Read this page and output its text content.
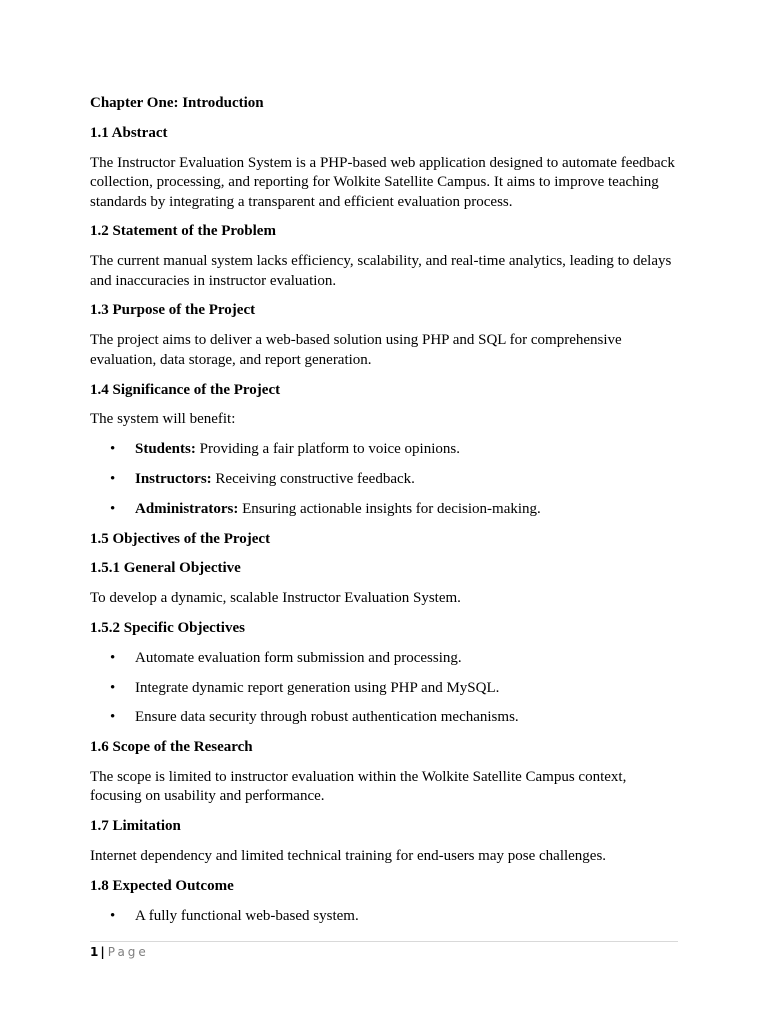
Chapter One: Introduction
1.1 Abstract
The Instructor Evaluation System is a PHP-based web application designed to automate feedback collection, processing, and reporting for Wolkite Satellite Campus. It aims to improve teaching standards by integrating a transparent and efficient evaluation process.
1.2 Statement of the Problem
The current manual system lacks efficiency, scalability, and real-time analytics, leading to delays and inaccuracies in instructor evaluation.
1.3 Purpose of the Project
The project aims to deliver a web-based solution using PHP and SQL for comprehensive evaluation, data storage, and report generation.
1.4 Significance of the Project
The system will benefit:
• Students: Providing a fair platform to voice opinions.
• Instructors: Receiving constructive feedback.
• Administrators: Ensuring actionable insights for decision-making.
1.5 Objectives of the Project
1.5.1 General Objective
To develop a dynamic, scalable Instructor Evaluation System.
1.5.2 Specific Objectives
• Automate evaluation form submission and processing.
• Integrate dynamic report generation using PHP and MySQL.
• Ensure data security through robust authentication mechanisms.
1.6 Scope of the Research
The scope is limited to instructor evaluation within the Wolkite Satellite Campus context, focusing on usability and performance.
1.7 Limitation
Internet dependency and limited technical training for end-users may pose challenges.
1.8 Expected Outcome
• A fully functional web-based system.
1 | Page
